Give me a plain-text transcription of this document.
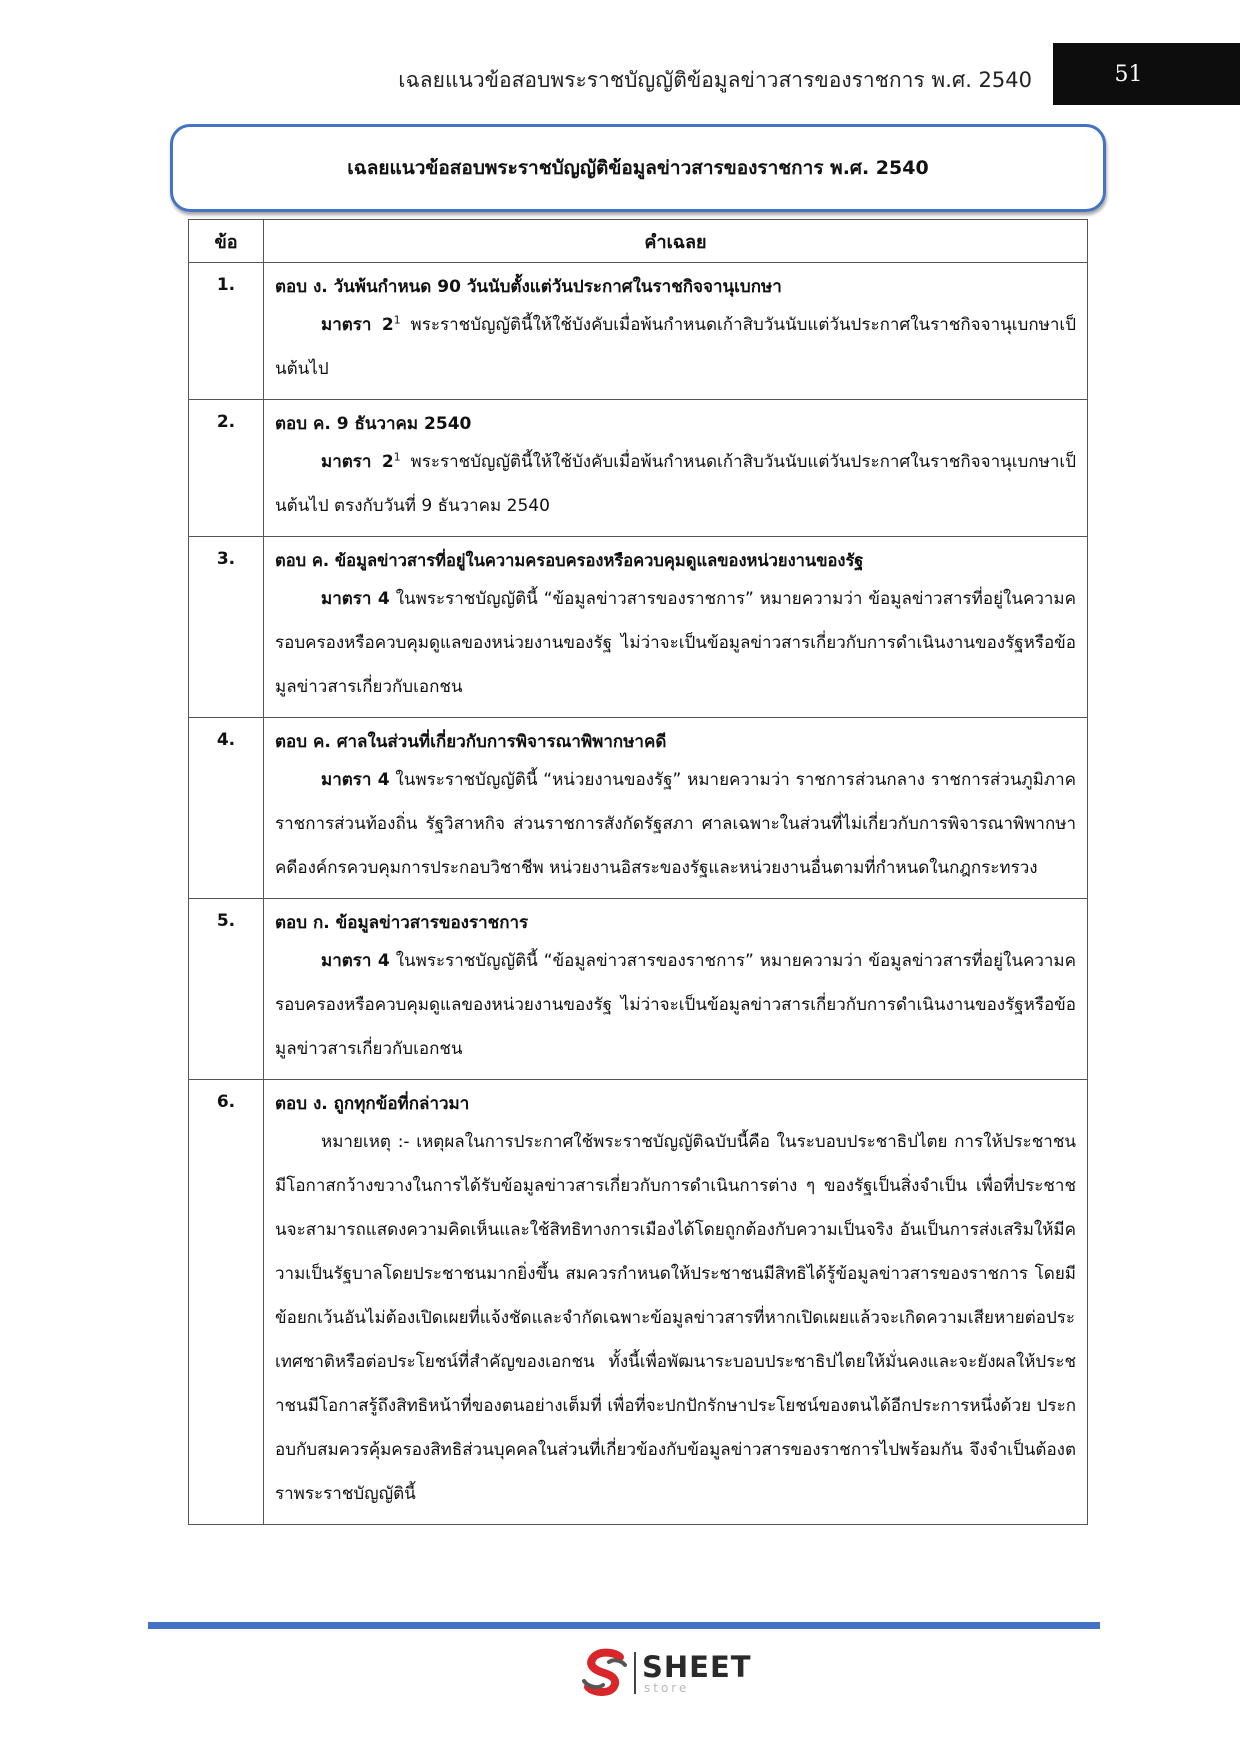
เฉลยแนวข้อสอบพระราชบัญญัติข้อมูลข่าวสารของราชการ พ.ศ. 2540	51
เฉลยแนวข้อสอบพระราชบัญญัติข้อมูลข่าวสารของราชการ พ.ศ. 2540
ข้อ	คำเฉลย
1.	ตอบ ง. วันพ้นกำหนด 90 วันนับตั้งแต่วันประกาศในราชกิจจานุเบกษา
มาตรา $2^1$ พระราชบัญญัตินี้ให้ใช้บังคับเมื่อพ้นกำหนดเก้าสิบวันนับแต่วันประกาศในราชกิจจานุเบกษาเป็นต้นไป

2.	ตอบ ค. 9 ธันวาคม 2540
มาตรา $2^1$ พระราชบัญญัตินี้ให้ใช้บังคับเมื่อพ้นกำหนดเก้าสิบวันนับแต่วันประกาศในราชกิจจานุเบกษาเป็นต้นไป ตรงกับวันที่ 9 ธันวาคม 2540

3.	ตอบ ค. ข้อมูลข่าวสารที่อยู่ในความครอบครองหรือควบคุมดูแลของหน่วยงานของรัฐ
มาตรา 4 ในพระราชบัญญัตินี้ “ข้อมูลข่าวสารของราชการ” หมายความว่า ข้อมูลข่าวสารที่อยู่ในความครอบครองหรือควบคุมดูแลของหน่วยงานของรัฐ ไม่ว่าจะเป็นข้อมูลข่าวสารเกี่ยวกับการดำเนินงานของรัฐหรือข้อมูลข่าวสารเกี่ยวกับเอกชน

4.	ตอบ ค. ศาลในส่วนที่เกี่ยวกับการพิจารณาพิพากษาคดี
มาตรา 4 ในพระราชบัญญัตินี้ “หน่วยงานของรัฐ” หมายความว่า ราชการส่วนกลาง ราชการส่วนภูมิภาค ราชการส่วนท้องถิ่น รัฐวิสาหกิจ ส่วนราชการสังกัดรัฐสภา ศาลเฉพาะในส่วนที่ไม่เกี่ยวกับการพิจารณาพิพากษาคดีองค์กรควบคุมการประกอบวิชาชีพ หน่วยงานอิสระของรัฐและหน่วยงานอื่นตามที่กำหนดในกฎกระทรวง

5.	ตอบ ก. ข้อมูลข่าวสารของราชการ
มาตรา 4 ในพระราชบัญญัตินี้ “ข้อมูลข่าวสารของราชการ” หมายความว่า ข้อมูลข่าวสารที่อยู่ในความครอบครองหรือควบคุมดูแลของหน่วยงานของรัฐ ไม่ว่าจะเป็นข้อมูลข่าวสารเกี่ยวกับการดำเนินงานของรัฐหรือข้อมูลข่าวสารเกี่ยวกับเอกชน

6.	ตอบ ง. ถูกทุกข้อที่กล่าวมา
หมายเหตุ :- เหตุผลในการประกาศใช้พระราชบัญญัติฉบับนี้คือ ในระบอบประชาธิปไตย การให้ประชาชนมีโอกาสกว้างขวางในการได้รับข้อมูลข่าวสารเกี่ยวกับการดำเนินการต่าง ๆ ของรัฐเป็นสิ่งจำเป็น เพื่อที่ประชาชนจะสามารถแสดงความคิดเห็นและใช้สิทธิทางการเมืองได้โดยถูกต้องกับความเป็นจริง อันเป็นการส่งเสริมให้มีความเป็นรัฐบาลโดยประชาชนมากยิ่งขึ้น สมควรกำหนดให้ประชาชนมีสิทธิได้รู้ข้อมูลข่าวสารของราชการ โดยมีข้อยกเว้นอันไม่ต้องเปิดเผยที่แจ้งชัดและจำกัดเฉพาะข้อมูลข่าวสารที่หากเปิดเผยแล้วจะเกิดความเสียหายต่อประเทศชาติหรือต่อประโยชน์ที่สำคัญของเอกชน ทั้งนี้เพื่อพัฒนาระบอบประชาธิปไตยให้มั่นคงและจะยังผลให้ประชาชนมีโอกาสรู้ถึงสิทธิหน้าที่ของตนอย่างเต็มที่ เพื่อที่จะปกปักรักษาประโยชน์ของตนได้อีกประการหนึ่งด้วย ประกอบกับสมควรคุ้มครองสิทธิส่วนบุคคลในส่วนที่เกี่ยวข้องกับข้อมูลข่าวสารของราชการไปพร้อมกัน จึงจำเป็นต้องตราพระราชบัญญัตินี้
SHEET
store
